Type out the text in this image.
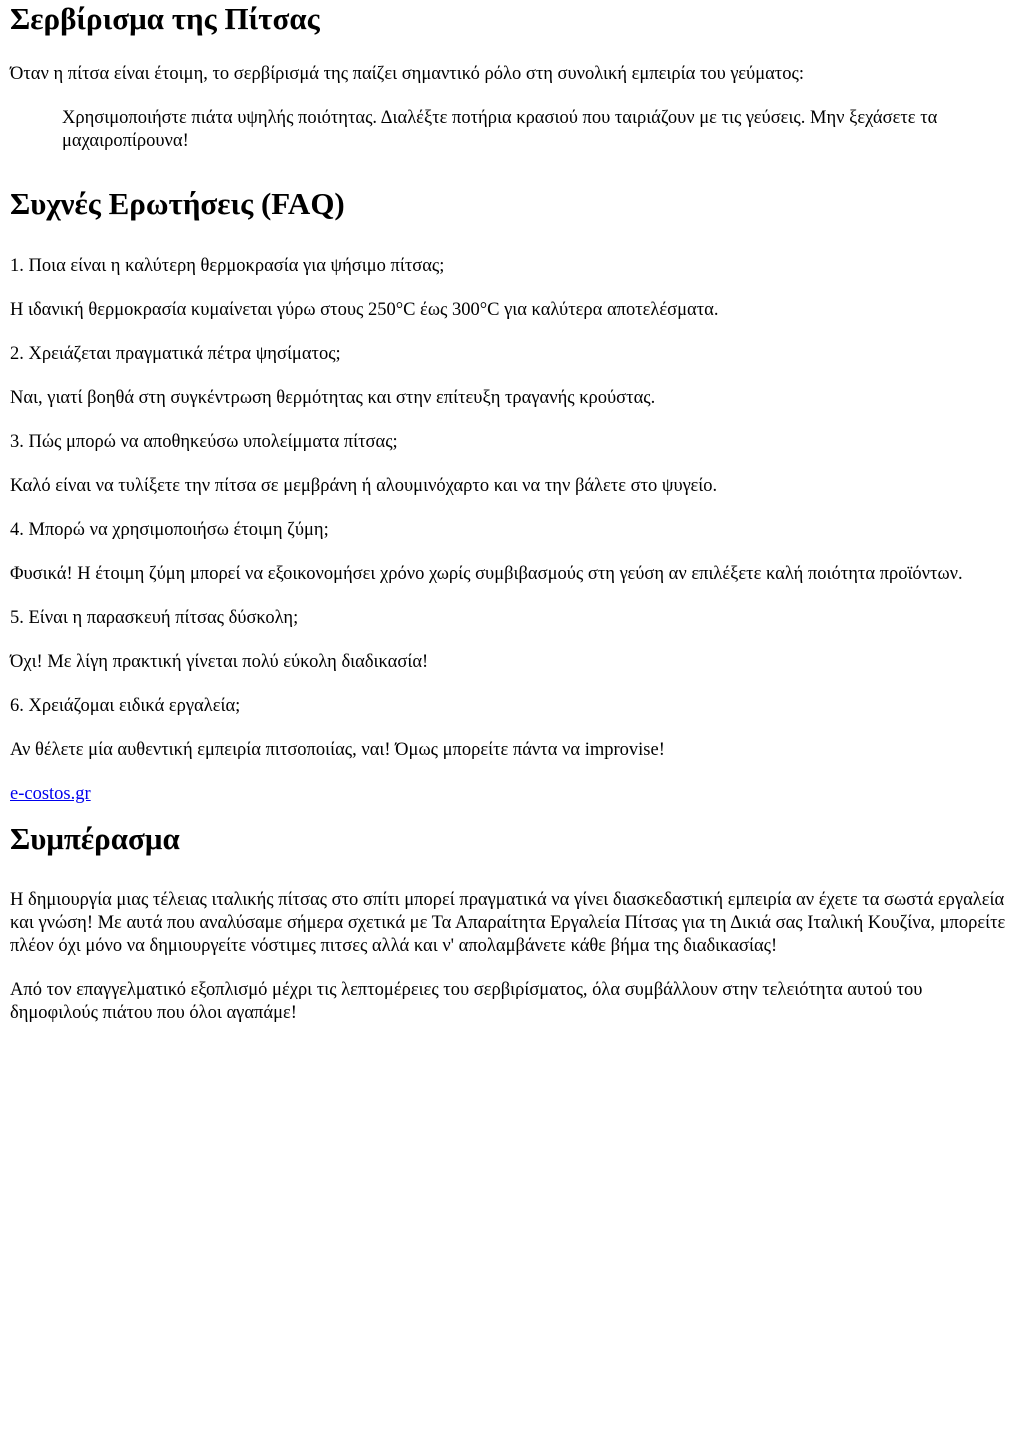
Σερβίρισμα της Πίτσας

Όταν η πίτσα είναι έτοιμη, το σερβίρισμά της παίζει σημαντικό ρόλο στη συνολική εμπειρία του γεύματος:

Χρησιμοποιήστε πιάτα υψηλής ποιότητας. Διαλέξτε ποτήρια κρασιού που ταιριάζουν με τις γεύσεις. Μην ξεχάσετε τα μαχαιροπίρουνα!
Συχνές Ερωτήσεις (FAQ)

1. Ποια είναι η καλύτερη θερμοκρασία για ψήσιμο πίτσας;

Η ιδανική θερμοκρασία κυμαίνεται γύρω στους 250°C έως 300°C για καλύτερα αποτελέσματα.

2. Χρειάζεται πραγματικά πέτρα ψησίματος;

Ναι, γιατί βοηθά στη συγκέντρωση θερμότητας και στην επίτευξη τραγανής κρούστας.

3. Πώς μπορώ να αποθηκεύσω υπολείμματα πίτσας;

Καλό είναι να τυλίξετε την πίτσα σε μεμβράνη ή αλουμινόχαρτο και να την βάλετε στο ψυγείο.

4. Μπορώ να χρησιμοποιήσω έτοιμη ζύμη;

Φυσικά! Η έτοιμη ζύμη μπορεί να εξοικονομήσει χρόνο χωρίς συμβιβασμούς στη γεύση αν επιλέξετε καλή ποιότητα προϊόντων.

5. Είναι η παρασκευή πίτσας δύσκολη;

Όχι! Με λίγη πρακτική γίνεται πολύ εύκολη διαδικασία!

6. Χρειάζομαι ειδικά εργαλεία;

Αν θέλετε μία αυθεντική εμπειρία πιτσοποιίας, ναι! Όμως μπορείτε πάντα να improvise!

e-costos.gr

Συμπέρασμα

Η δημιουργία μιας τέλειας ιταλικής πίτσας στο σπίτι μπορεί πραγματικά να γίνει διασκεδαστική εμπειρία αν έχετε τα σωστά εργαλεία και γνώση! Με αυτά που αναλύσαμε σήμερα σχετικά με Τα Απαραίτητα Εργαλεία Πίτσας για τη Δικιά σας Ιταλική Κουζίνα, μπορείτε πλέον όχι μόνο να δημιουργείτε νόστιμες πιτσες αλλά και ν' απολαμβάνετε κάθε βήμα της διαδικασίας!

Από τον επαγγελματικό εξοπλισμό μέχρι τις λεπτομέρειες του σερβιρίσματος, όλα συμβάλλουν στην τελειότητα αυτού του δημοφιλούς πιάτου που όλοι αγαπάμε!
